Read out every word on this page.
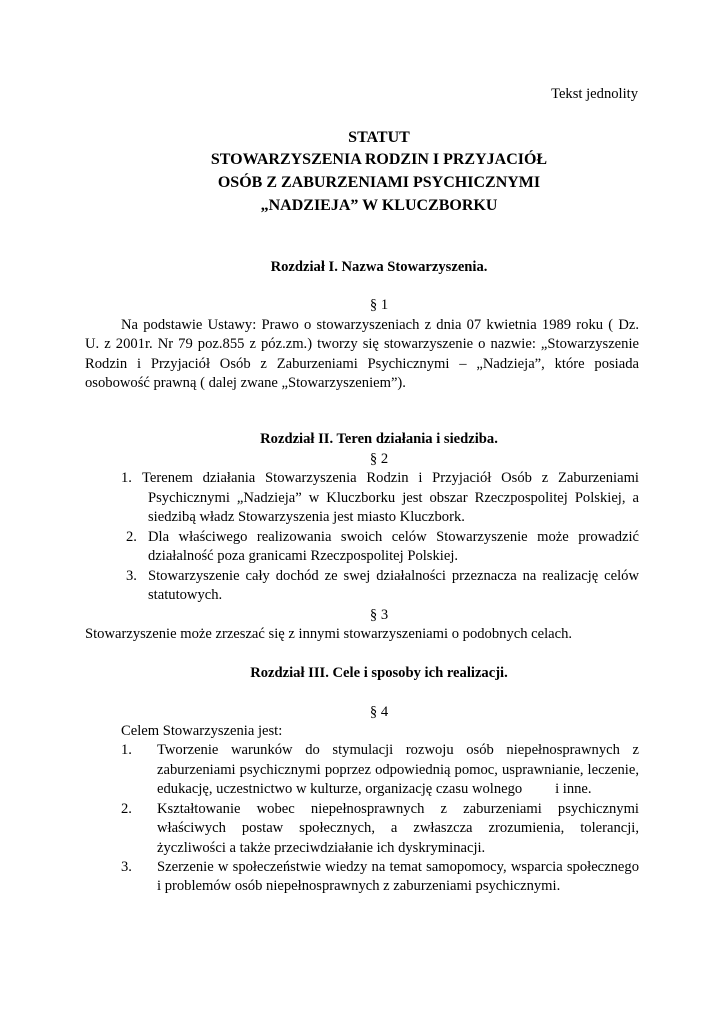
Tekst jednolity
STATUT
STOWARZYSZENIA RODZIN I PRZYJACIÓŁ
OSÓB Z ZABURZENIAMI PSYCHICZNYMI
„NADZIEJA” W KLUCZBORKU
Rozdział I. Nazwa Stowarzyszenia.
§ 1
Na podstawie Ustawy: Prawo o stowarzyszeniach z dnia 07 kwietnia 1989 roku ( Dz.
U. z 2001r. Nr 79 poz.855 z póz.zm.) tworzy się stowarzyszenie o nazwie: „Stowarzyszenie
Rodzin i Przyjaciół Osób z Zaburzeniami Psychicznymi – „Nadzieja”, które posiada
osobowość prawną ( dalej zwane „Stowarzyszeniem”).
Rozdział II. Teren działania i siedziba.
§ 2
1. Terenem działania Stowarzyszenia Rodzin i Przyjaciół Osób z Zaburzeniami
Psychicznymi „Nadzieja” w Kluczborku jest obszar Rzeczpospolitej Polskiej, a
siedzibą władz Stowarzyszenia jest miasto Kluczbork.
2. Dla właściwego realizowania swoich celów Stowarzyszenie może prowadzić
działalność poza granicami Rzeczpospolitej Polskiej.
3. Stowarzyszenie cały dochód ze swej działalności przeznacza na realizację celów
statutowych.
§ 3
Stowarzyszenie może zrzeszać się z innymi stowarzyszeniami o podobnych celach.
Rozdział III. Cele i sposoby ich realizacji.
§ 4
Celem Stowarzyszenia jest:
1. Tworzenie warunków do stymulacji rozwoju osób niepełnosprawnych z
zaburzeniami psychicznymi poprzez odpowiednią pomoc, usprawnianie, leczenie,
edukację, uczestnictwo w kulturze, organizację czasu wolnego         i inne.
2. Kształtowanie wobec niepełnosprawnych z zaburzeniami psychicznymi
właściwych postaw społecznych, a zwłaszcza zrozumienia, tolerancji,
życzliwości a także przeciwdziałanie ich dyskryminacji.
3. Szerzenie w społeczeństwie wiedzy na temat samopomocy, wsparcia społecznego
i problemów osób niepełnosprawnych z zaburzeniami psychicznymi.
